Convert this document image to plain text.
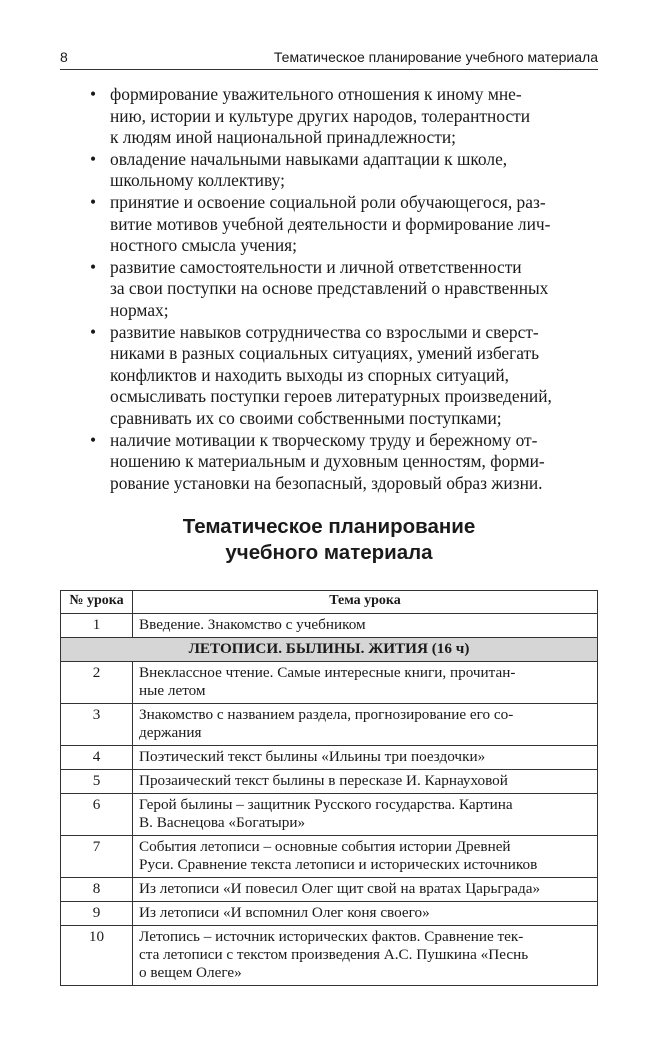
8	Тематическое планирование учебного материала
• формирование уважительного отношения к иному мне-
нию, истории и культуре других народов, толерантности
к людям иной национальной принадлежности;
• овладение начальными навыками адаптации к школе,
школьному коллективу;
• принятие и освоение социальной роли обучающегося, раз-
витие мотивов учебной деятельности и формирование лич-
ностного смысла учения;
• развитие самостоятельности и личной ответственности
за свои поступки на основе представлений о нравственных
нормах;
• развитие навыков сотрудничества со взрослыми и сверст-
никами в разных социальных ситуациях, умений избегать
конфликтов и находить выходы из спорных ситуаций,
осмысливать поступки героев литературных произведений,
сравнивать их со своими собственными поступками;
• наличие мотивации к творческому труду и бережному от-
ношению к материальным и духовным ценностям, форми-
рование установки на безопасный, здоровый образ жизни.
Тематическое планирование
учебного материала
№ урока	Тема урока
1	Введение. Знакомство с учебником

ЛЕТОПИСИ. БЫЛИНЫ. ЖИТИЯ (16 ч)	
2	Внеклассное чтение. Самые интересные книги, прочитан-
ные летом

3	Знакомство с названием раздела, прогнозирование его со-
держания

4	Поэтический текст былины «Ильины три поездочки»

5	Прозаический текст былины в пересказе И. Карнауховой

6	Герой былины – защитник Русского государства. Картина
В. Васнецова «Богатыри»

7	События летописи – основные события истории Древней
Руси. Сравнение текста летописи и исторических источников

8	Из летописи «И повесил Олег щит свой на вратах Царьграда»

9	Из летописи «И вспомнил Олег коня своего»

10	Летопись – источник исторических фактов. Сравнение тек-
ста летописи с текстом произведения А.С. Пушкина «Песнь
о вещем Олеге»
